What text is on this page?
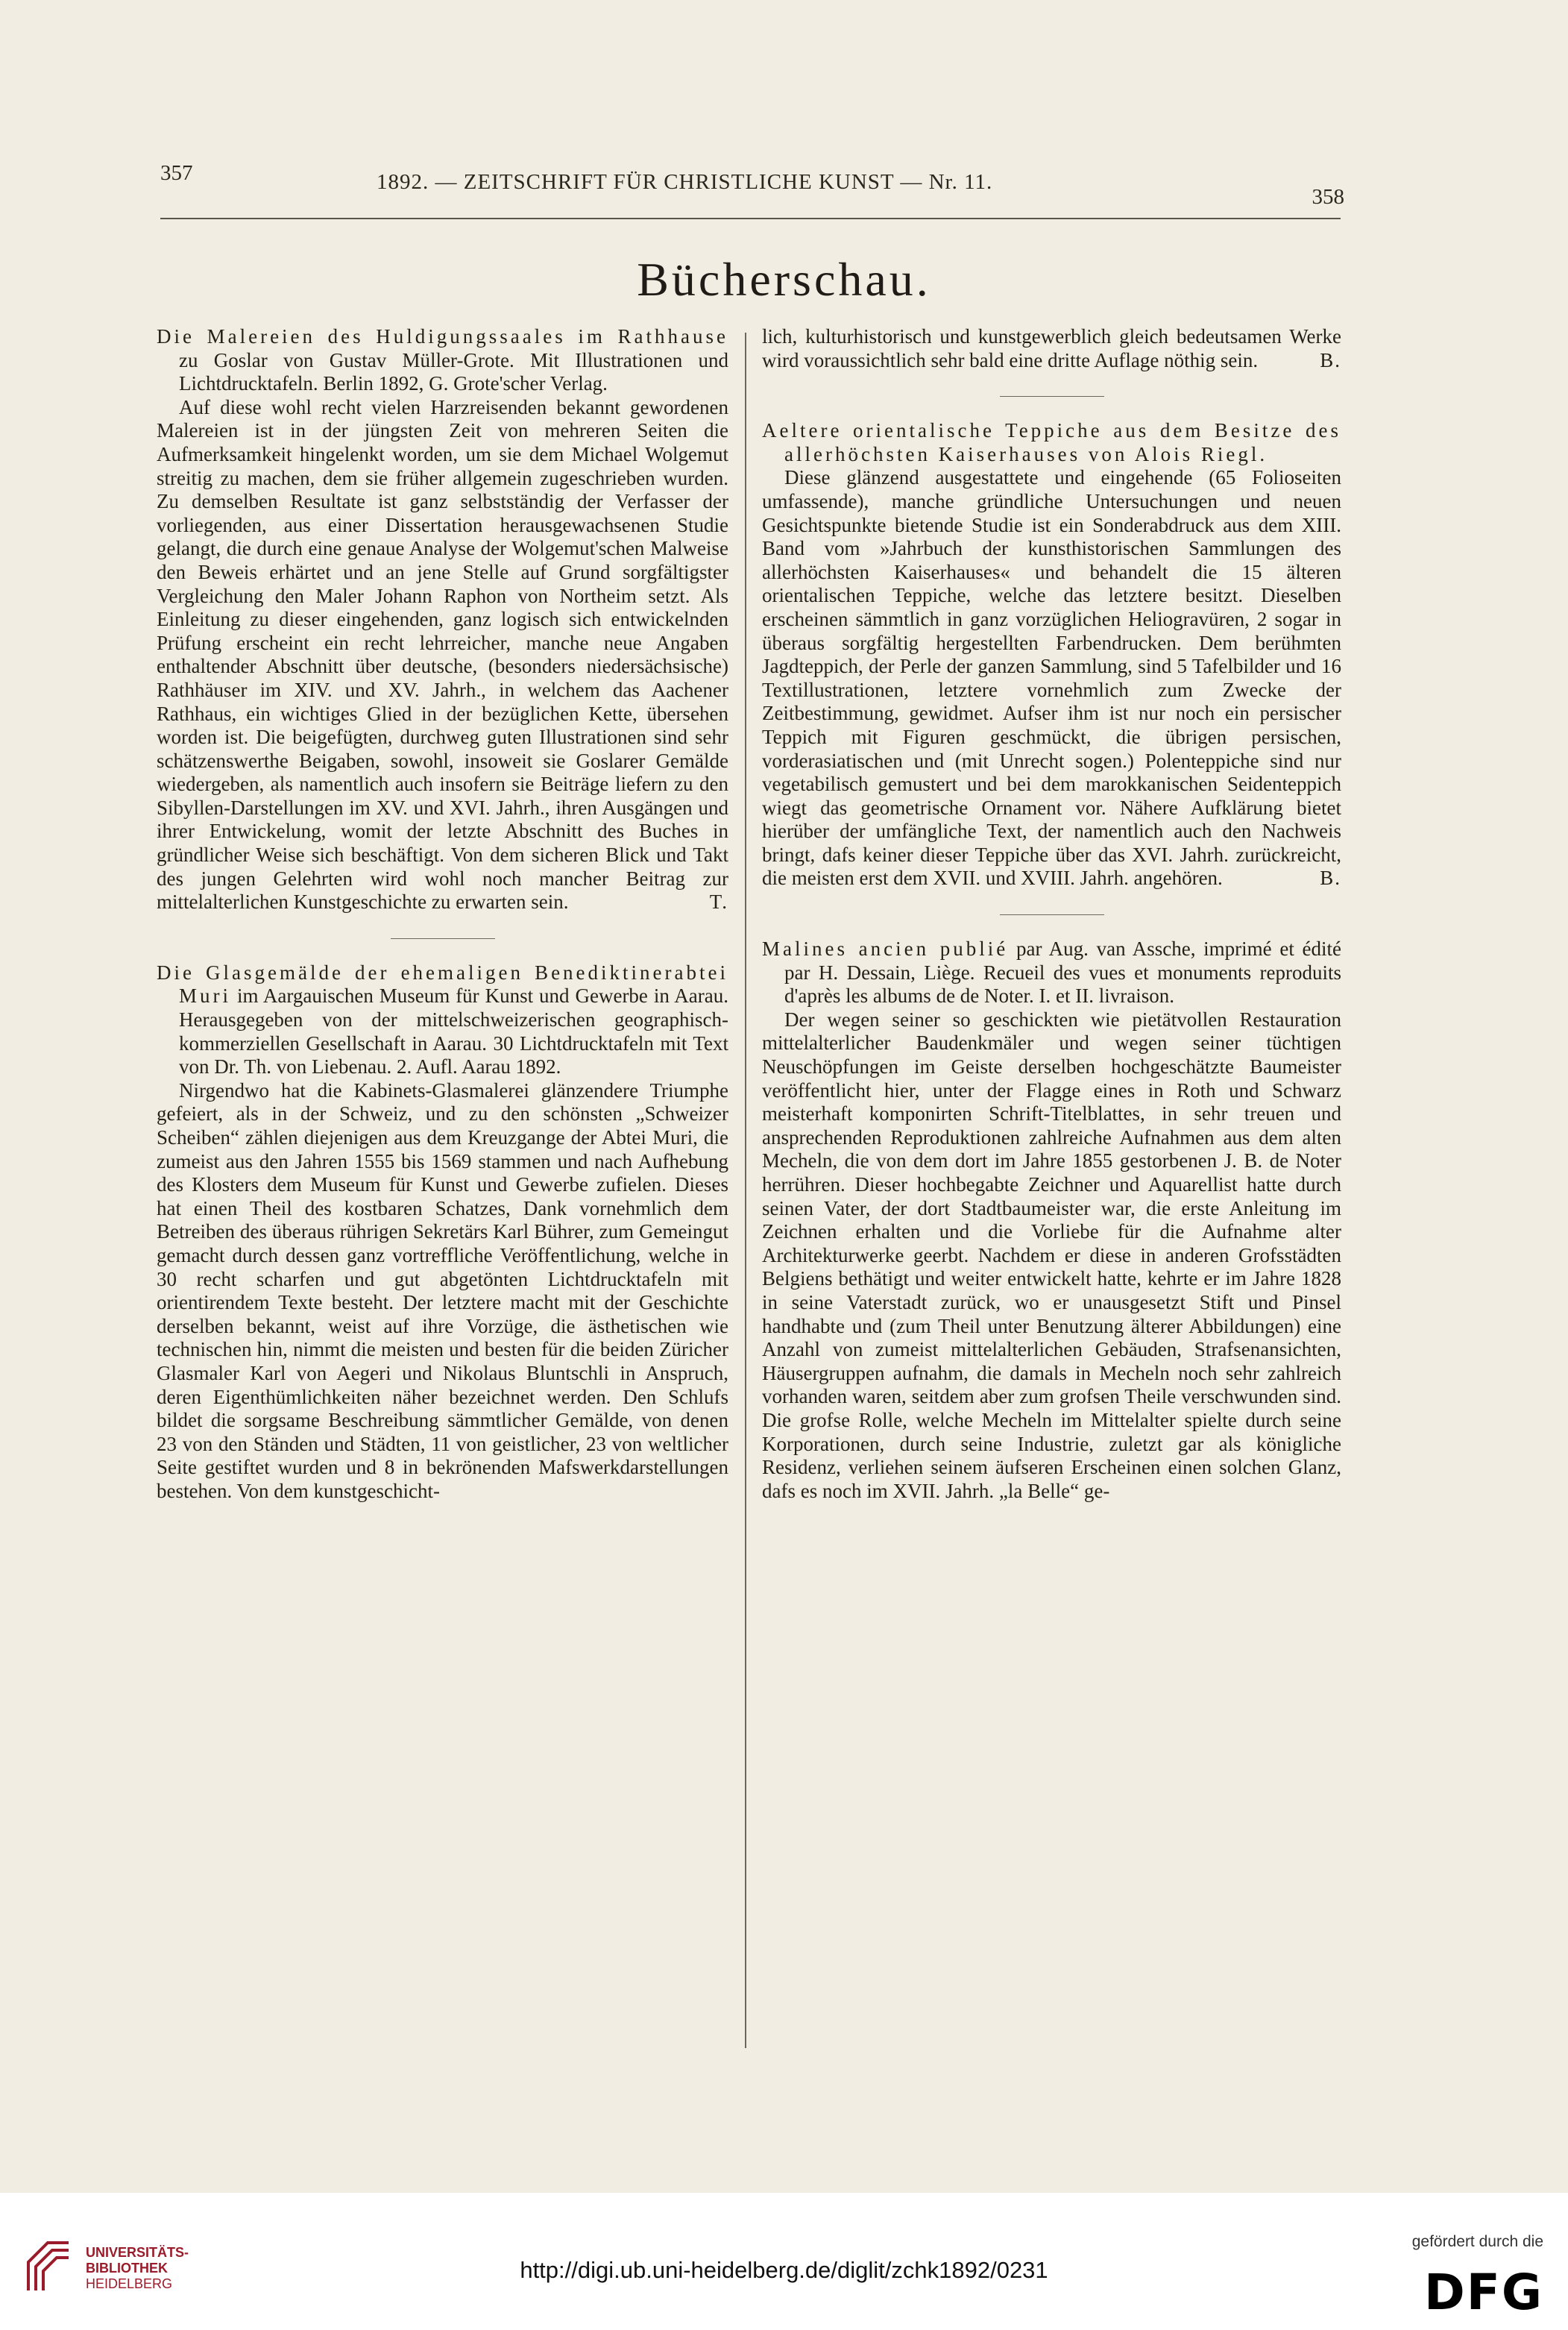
357	1892. — ZEITSCHRIFT FÜR CHRISTLICHE KUNST — Nr. 11.
358
Bücherschau.

Die Malereien des Huldigungssaales im Rathhause zu Goslar von Gustav Müller-Grote. Mit Illustrationen und Lichtdrucktafeln. Berlin 1892, G. Grote'scher Verlag.

Auf diese wohl recht vielen Harzreisenden bekannt gewordenen Malereien ist in der jüngsten Zeit von mehreren Seiten die Aufmerksamkeit hingelenkt worden, um sie dem Michael Wolgemut streitig zu machen, dem sie früher allgemein zugeschrieben wurden. Zu demselben Resultate ist ganz selbstständig der Verfasser der vorliegenden, aus einer Dissertation herausgewachsenen Studie gelangt, die durch eine genaue Analyse der Wolgemut'schen Malweise den Beweis erhärtet und an jene Stelle auf Grund sorgfältigster Vergleichung den Maler Johann Raphon von Northeim setzt. Als Einleitung zu dieser eingehenden, ganz logisch sich entwickelnden Prüfung erscheint ein recht lehrreicher, manche neue Angaben enthaltender Abschnitt über deutsche, (besonders niedersächsische) Rathhäuser im XIV. und XV. Jahrh., in welchem das Aachener Rathhaus, ein wichtiges Glied in der bezüglichen Kette, übersehen worden ist. Die beigefügten, durchweg guten Illustrationen sind sehr schätzenswerthe Beigaben, sowohl, insoweit sie Goslarer Gemälde wiedergeben, als namentlich auch insofern sie Beiträge liefern zu den Sibyllen-Darstellungen im XV. und XVI. Jahrh., ihren Ausgängen und ihrer Entwickelung, womit der letzte Abschnitt des Buches in gründlicher Weise sich beschäftigt. Von dem sicheren Blick und Takt des jungen Gelehrten wird wohl noch mancher Beitrag zur mittelalterlichen Kunstgeschichte zu erwarten sein.	T.

Die Glasgemälde der ehemaligen Benediktinerabtei Muri im Aargauischen Museum für Kunst und Gewerbe in Aarau. Herausgegeben von der mittelschweizerischen geographisch-kommerziellen Gesellschaft in Aarau. 30 Lichtdrucktafeln mit Text von Dr. Th. von Liebenau. 2. Aufl. Aarau 1892.

Nirgendwo hat die Kabinets-Glasmalerei glänzendere Triumphe gefeiert, als in der Schweiz, und zu den schönsten „Schweizer Scheiben“ zählen diejenigen aus dem Kreuzgange der Abtei Muri, die zumeist aus den Jahren 1555 bis 1569 stammen und nach Aufhebung des Klosters dem Museum für Kunst und Gewerbe zufielen. Dieses hat einen Theil des kostbaren Schatzes, Dank vornehmlich dem Betreiben des überaus rührigen Sekretärs Karl Bührer, zum Gemeingut gemacht durch dessen ganz vortreffliche Veröffentlichung, welche in 30 recht scharfen und gut abgetönten Lichtdrucktafeln mit orientirendem Texte besteht. Der letztere macht mit der Geschichte derselben bekannt, weist auf ihre Vorzüge, die ästhetischen wie technischen hin, nimmt die meisten und besten für die beiden Züricher Glasmaler Karl von Aegeri und Nikolaus Bluntschli in Anspruch, deren Eigenthümlichkeiten näher bezeichnet werden. Den Schlufs bildet die sorgsame Beschreibung sämmtlicher Gemälde, von denen 23 von den Ständen und Städten, 11 von geistlicher, 23 von weltlicher Seite gestiftet wurden und 8 in bekrönenden Mafswerkdarstellungen bestehen. Von dem kunstgeschicht-

lich, kulturhistorisch und kunstgewerblich gleich bedeutsamen Werke wird voraussichtlich sehr bald eine dritte Auflage nöthig sein.	B.

Aeltere orientalische Teppiche aus dem Besitze des allerhöchsten Kaiserhauses von Alois Riegl.

Diese glänzend ausgestattete und eingehende (65 Folioseiten umfassende), manche gründliche Untersuchungen und neuen Gesichtspunkte bietende Studie ist ein Sonderabdruck aus dem XIII. Band vom »Jahrbuch der kunsthistorischen Sammlungen des allerhöchsten Kaiserhauses« und behandelt die 15 älteren orientalischen Teppiche, welche das letztere besitzt. Dieselben erscheinen sämmtlich in ganz vorzüglichen Heliogravüren, 2 sogar in überaus sorgfältig hergestellten Farbendrucken. Dem berühmten Jagdteppich, der Perle der ganzen Sammlung, sind 5 Tafelbilder und 16 Textillustrationen, letztere vornehmlich zum Zwecke der Zeitbestimmung, gewidmet. Aufser ihm ist nur noch ein persischer Teppich mit Figuren geschmückt, die übrigen persischen, vorderasiatischen und (mit Unrecht sogen.) Polenteppiche sind nur vegetabilisch gemustert und bei dem marokkanischen Seidenteppich wiegt das geometrische Ornament vor. Nähere Aufklärung bietet hierüber der umfängliche Text, der namentlich auch den Nachweis bringt, dafs keiner dieser Teppiche über das XVI. Jahrh. zurückreicht, die meisten erst dem XVII. und XVIII. Jahrh. angehören.	B.

Malines ancien publié par Aug. van Assche, imprimé et édité par H. Dessain, Liège. Recueil des vues et monuments reproduits d'après les albums de de Noter. I. et II. livraison.

Der wegen seiner so geschickten wie pietätvollen Restauration mittelalterlicher Baudenkmäler und wegen seiner tüchtigen Neuschöpfungen im Geiste derselben hochgeschätzte Baumeister veröffentlicht hier, unter der Flagge eines in Roth und Schwarz meisterhaft komponirten Schrift-Titelblattes, in sehr treuen und ansprechenden Reproduktionen zahlreiche Aufnahmen aus dem alten Mecheln, die von dem dort im Jahre 1855 gestorbenen J. B. de Noter herrühren. Dieser hochbegabte Zeichner und Aquarellist hatte durch seinen Vater, der dort Stadtbaumeister war, die erste Anleitung im Zeichnen erhalten und die Vorliebe für die Aufnahme alter Architekturwerke geerbt. Nachdem er diese in anderen Grofsstädten Belgiens bethätigt und weiter entwickelt hatte, kehrte er im Jahre 1828 in seine Vaterstadt zurück, wo er unausgesetzt Stift und Pinsel handhabte und (zum Theil unter Benutzung älterer Abbildungen) eine Anzahl von zumeist mittelalterlichen Gebäuden, Strafsenansichten, Häusergruppen aufnahm, die damals in Mecheln noch sehr zahlreich vorhanden waren, seitdem aber zum grofsen Theile verschwunden sind. Die grofse Rolle, welche Mecheln im Mittelalter spielte durch seine Korporationen, durch seine Industrie, zuletzt gar als königliche Residenz, verliehen seinem äufseren Erscheinen einen solchen Glanz, dafs es noch im XVII. Jahrh. „la Belle“ ge-

UNIVERSITÄTS-
BIBLIOTHEK
HEIDELBERG
http://digi.ub.uni-heidelberg.de/diglit/zchk1892/0231
gefördert durch die
DFG
